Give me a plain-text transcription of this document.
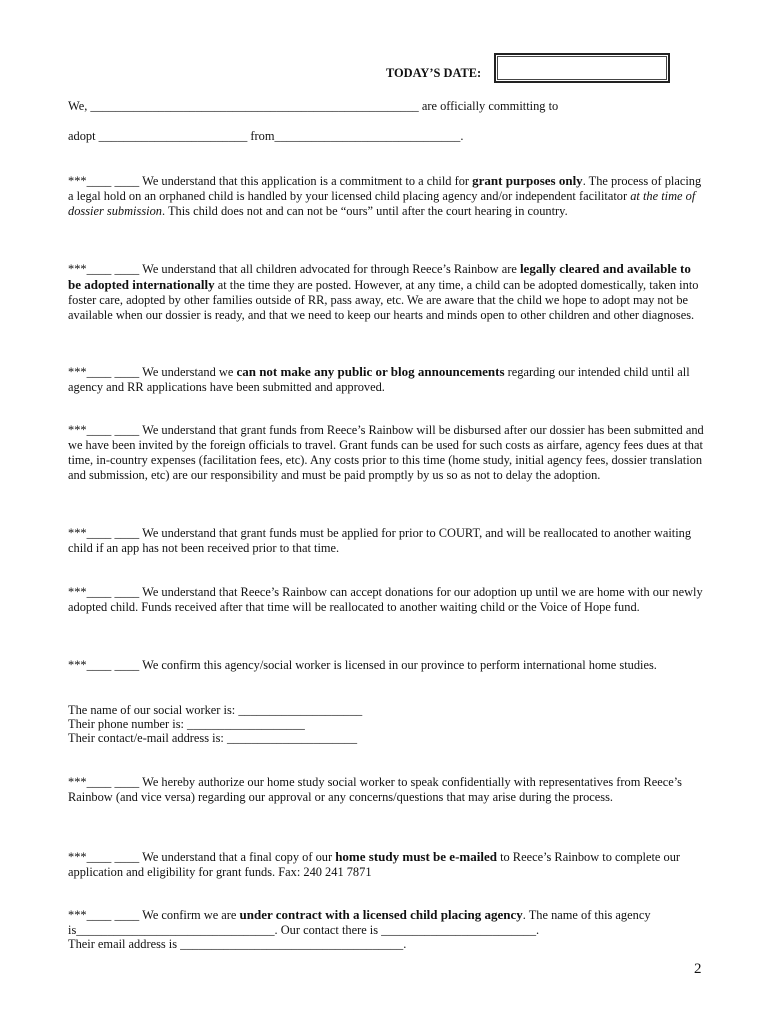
TODAY’S DATE:
We, _____________________________________________________ are officially committing to
adopt ________________________ from______________________________.
***____ ____ We understand that this application is a commitment to a child for grant purposes only. The process of placing a legal hold on an orphaned child is handled by your licensed child placing agency and/or independent facilitator at the time of dossier submission. This child does not and can not be “ours” until after the court hearing in country.
***____ ____ We understand that all children advocated for through Reece’s Rainbow are legally cleared and available to be adopted internationally at the time they are posted. However, at any time, a child can be adopted domestically, taken into foster care, adopted by other families outside of RR, pass away, etc. We are aware that the child we hope to adopt may not be available when our dossier is ready, and that we need to keep our hearts and minds open to other children and other diagnoses.
***____ ____ We understand we can not make any public or blog announcements regarding our intended child until all agency and RR applications have been submitted and approved.
***____ ____ We understand that grant funds from Reece’s Rainbow will be disbursed after our dossier has been submitted and we have been invited by the foreign officials to travel. Grant funds can be used for such costs as airfare, agency fees dues at that time, in-country expenses (facilitation fees, etc). Any costs prior to this time (home study, initial agency fees, dossier translation and submission, etc) are our responsibility and must be paid promptly by us so as not to delay the adoption.
***____ ____ We understand that grant funds must be applied for prior to COURT, and will be reallocated to another waiting child if an app has not been received prior to that time.
***____ ____ We understand that Reece’s Rainbow can accept donations for our adoption up until we are home with our newly adopted child. Funds received after that time will be reallocated to another waiting child or the Voice of Hope fund.
***____ ____ We confirm this agency/social worker is licensed in our province to perform international home studies.
The name of our social worker is: ____________________
Their phone number is: ___________________
Their contact/e-mail address is: _____________________
***____ ____ We hereby authorize our home study social worker to speak confidentially with representatives from Reece’s Rainbow (and vice versa) regarding our approval or any concerns/questions that may arise during the process.
***____ ____ We understand that a final copy of our home study must be e-mailed to Reece’s Rainbow to complete our application and eligibility for grant funds. Fax: 240 241 7871
***____ ____ We confirm we are under contract with a licensed child placing agency. The name of this agency is________________________________. Our contact there is _________________________.
Their email address is ____________________________________.
2
